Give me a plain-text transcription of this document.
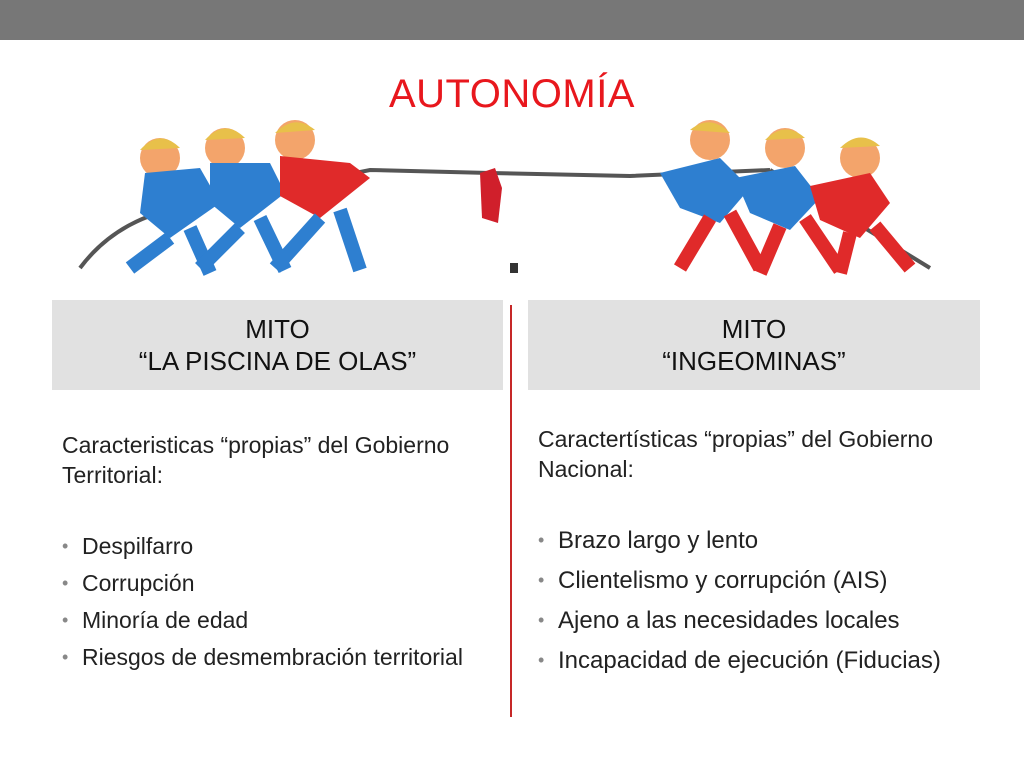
AUTONOMÍA
MITO
“LA PISCINA DE OLAS”
MITO
“INGEOMINAS”

Caracteristicas “propias” del Gobierno Territorial:

• Despilfarro
• Corrupción
• Minoría de edad
• Riesgos de desmembración territorial

Caractertísticas “propias” del Gobierno Nacional:

• Brazo largo y lento
• Clientelismo y corrupción (AIS)
• Ajeno a las necesidades locales
• Incapacidad de ejecución (Fiducias)
